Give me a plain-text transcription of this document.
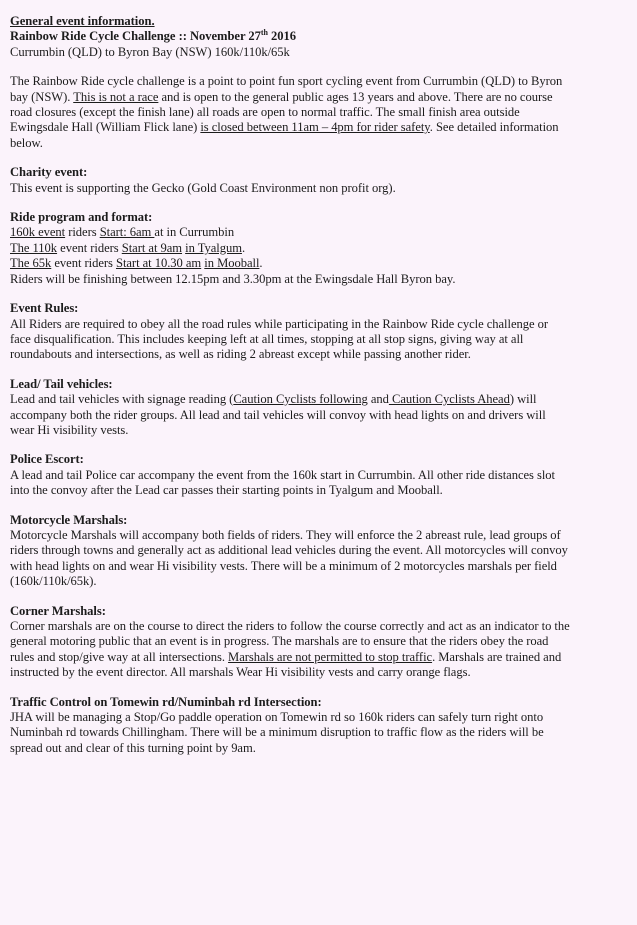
General event information.
Rainbow Ride Cycle Challenge :: November 27th 2016
Currumbin (QLD) to Byron Bay (NSW) 160k/110k/65k
The Rainbow Ride cycle challenge is a point to point fun sport cycling event from Currumbin (QLD) to Byron
bay (NSW). This is not a race and is open to the general public ages 13 years and above. There are no course
road closures (except the finish lane) all roads are open to normal traffic. The small finish area outside
Ewingsdale Hall (William Flick lane) is closed between 11am – 4pm for rider safety. See detailed information
below.
Charity event:
This event is supporting the Gecko (Gold Coast Environment non profit org).
Ride program and format:
160k event riders Start: 6am at in Currumbin
The 110k event riders Start at 9am in Tyalgum.
The 65k event riders Start at 10.30 am in Mooball.
Riders will be finishing between 12.15pm and 3.30pm at the Ewingsdale Hall Byron bay.
Event Rules:
All Riders are required to obey all the road rules while participating in the Rainbow Ride cycle challenge or
face disqualification. This includes keeping left at all times, stopping at all stop signs, giving way at all
roundabouts and intersections, as well as riding 2 abreast except while passing another rider.
Lead/ Tail vehicles:
Lead and tail vehicles with signage reading (Caution Cyclists following and Caution Cyclists Ahead) will
accompany both the rider groups. All lead and tail vehicles will convoy with head lights on and drivers will
wear Hi visibility vests.
Police Escort:
A lead and tail Police car accompany the event from the 160k start in Currumbin. All other ride distances slot
into the convoy after the Lead car passes their starting points in Tyalgum and Mooball.
Motorcycle Marshals:
Motorcycle Marshals will accompany both fields of riders. They will enforce the 2 abreast rule, lead groups of
riders through towns and generally act as additional lead vehicles during the event. All motorcycles will convoy
with head lights on and wear Hi visibility vests. There will be a minimum of 2 motorcycles marshals per field
(160k/110k/65k).
Corner Marshals:
Corner marshals are on the course to direct the riders to follow the course correctly and act as an indicator to the
general motoring public that an event is in progress. The marshals are to ensure that the riders obey the road
rules and stop/give way at all intersections. Marshals are not permitted to stop traffic. Marshals are trained and
instructed by the event director. All marshals Wear Hi visibility vests and carry orange flags.
Traffic Control on Tomewin rd/Numinbah rd Intersection:
JHA will be managing a Stop/Go paddle operation on Tomewin rd so 160k riders can safely turn right onto
Numinbah rd towards Chillingham. There will be a minimum disruption to traffic flow as the riders will be
spread out and clear of this turning point by 9am.
